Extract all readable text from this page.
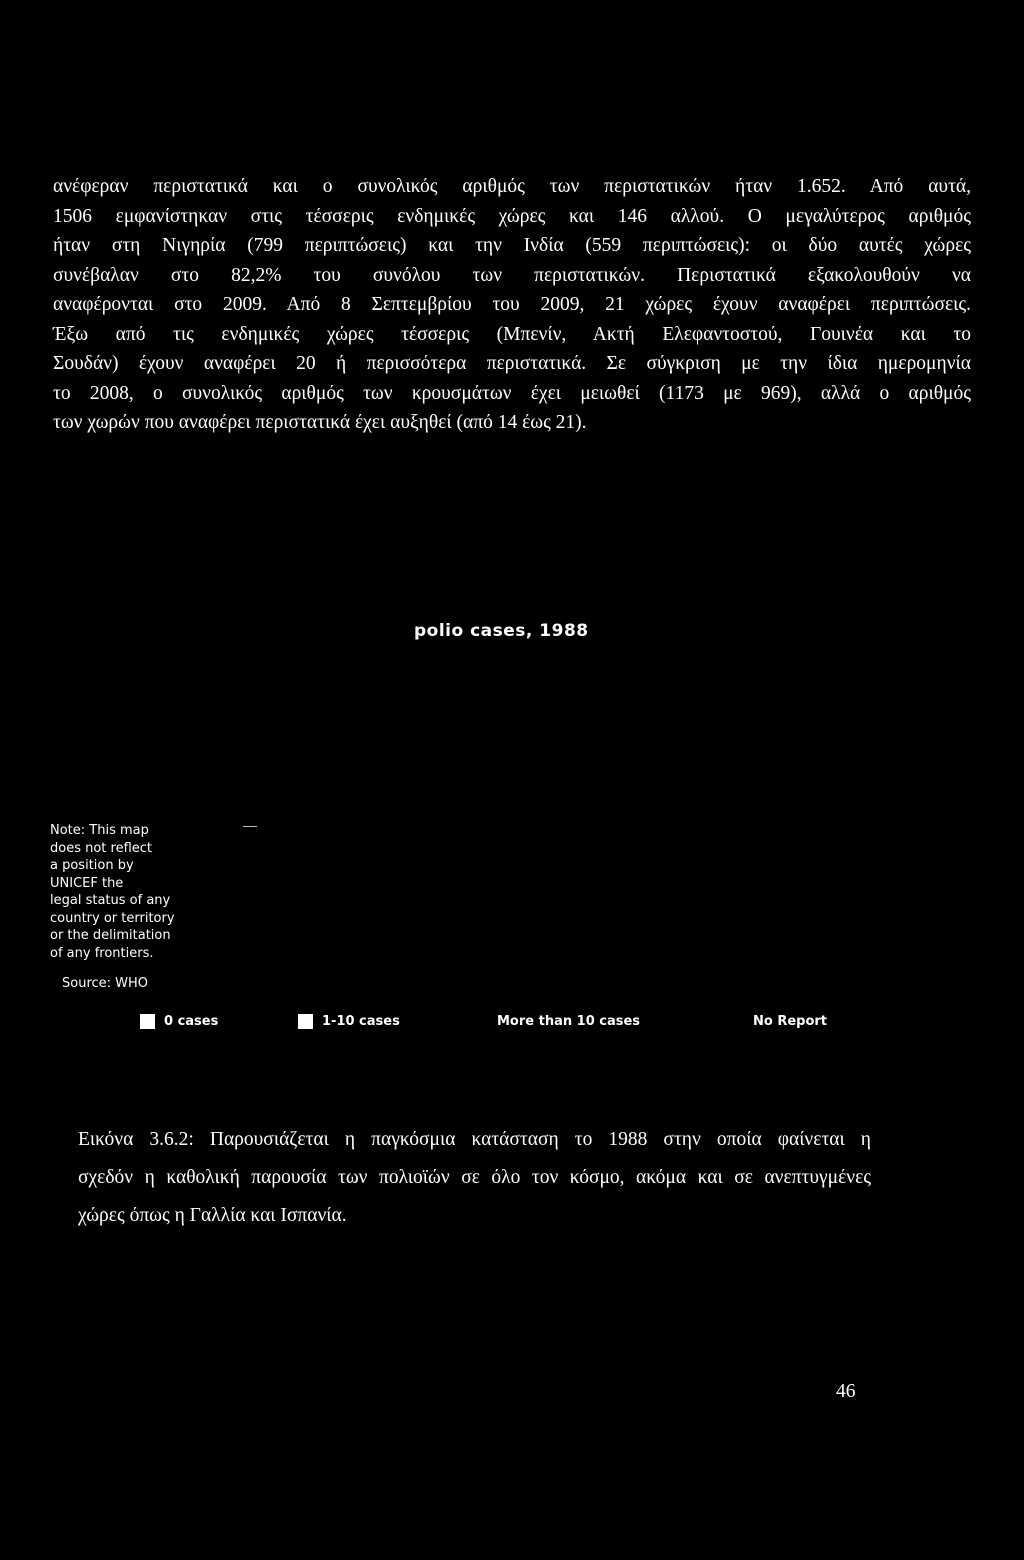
ανέφεραν περιστατικά και ο συνολικός αριθμός των περιστατικών ήταν 1.652. Από αυτά,
1506 εμφανίστηκαν στις τέσσερις ενδημικές χώρες και 146 αλλού. Ο μεγαλύτερος αριθμός
ήταν στη Νιγηρία (799 περιπτώσεις) και την Ινδία (559 περιπτώσεις): οι δύο αυτές χώρες
συνέβαλαν στο 82,2% του συνόλου των περιστατικών. Περιστατικά εξακολουθούν να
αναφέρονται στο 2009. Από 8 Σεπτεμβρίου του 2009, 21 χώρες έχουν αναφέρει περιπτώσεις.
Έξω από τις ενδημικές χώρες τέσσερις (Μπενίν, Ακτή Ελεφαντοστού, Γουινέα και το
Σουδάν) έχουν αναφέρει 20 ή περισσότερα περιστατικά. Σε σύγκριση με την ίδια ημερομηνία
το 2008, ο συνολικός αριθμός των κρουσμάτων έχει μειωθεί (1173 με 969), αλλά ο αριθμός
των χωρών που αναφέρει περιστατικά έχει αυξηθεί (από 14 έως 21).

polio cases, 1988

Note: This map
does not reflect
a position by
UNICEF the
legal status of any
country or territory
or the delimitation
of any frontiers.

Source: WHO

0 cases	1-10 cases	More than 10 cases	No Report
Εικόνα 3.6.2: Παρουσιάζεται η παγκόσμια κατάσταση το 1988 στην οποία φαίνεται η
σχεδόν η καθολική παρουσία των πολιοϊών σε όλο τον κόσμο, ακόμα και σε ανεπτυγμένες
χώρες όπως η Γαλλία και Ισπανία.

46
